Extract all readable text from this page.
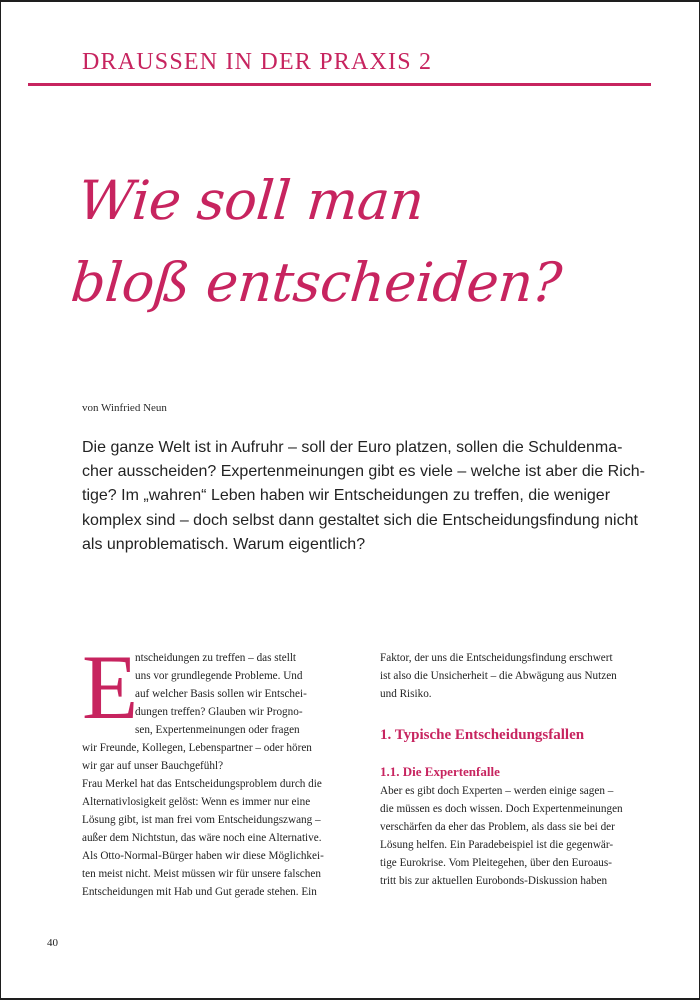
DRAUSSEN IN DER PRAXIS 2
Wie soll man
bloß entscheiden?
von Winfried Neun
Die ganze Welt ist in Aufruhr – soll der Euro platzen, sollen die Schuldenma-
cher ausscheiden? Expertenmeinungen gibt es viele – welche ist aber die Rich-
tige? Im „wahren“ Leben haben wir Entscheidungen zu treffen, die weniger
komplex sind – doch selbst dann gestaltet sich die Entscheidungsfindung nicht
als unproblematisch. Warum eigentlich?
E
ntscheidungen zu treffen – das stellt
uns vor grundlegende Probleme. Und
auf welcher Basis sollen wir Entschei-
dungen treffen? Glauben wir Progno-
sen, Expertenmeinungen oder fragen
wir Freunde, Kollegen, Lebenspartner – oder hören
wir gar auf unser Bauchgefühl?
Frau Merkel hat das Entscheidungsproblem durch die
Alternativlosigkeit gelöst: Wenn es immer nur eine
Lösung gibt, ist man frei vom Entscheidungszwang –
außer dem Nichtstun, das wäre noch eine Alternative.
Als Otto-Normal-Bürger haben wir diese Möglichkei-
ten meist nicht. Meist müssen wir für unsere falschen
Entscheidungen mit Hab und Gut gerade stehen. Ein
Faktor, der uns die Entscheidungsfindung erschwert
ist also die Unsicherheit – die Abwägung aus Nutzen
und Risiko.
Aber es gibt doch Experten – werden einige sagen –
die müssen es doch wissen. Doch Expertenmeinungen
verschärfen da eher das Problem, als dass sie bei der
Lösung helfen. Ein Paradebeispiel ist die gegenwär-
tige Eurokrise. Vom Pleitegehen, über den Euroaus-
tritt bis zur aktuellen Eurobonds-Diskussion haben
1. Typische Entscheidungsfallen
1.1. Die Expertenfalle
40
